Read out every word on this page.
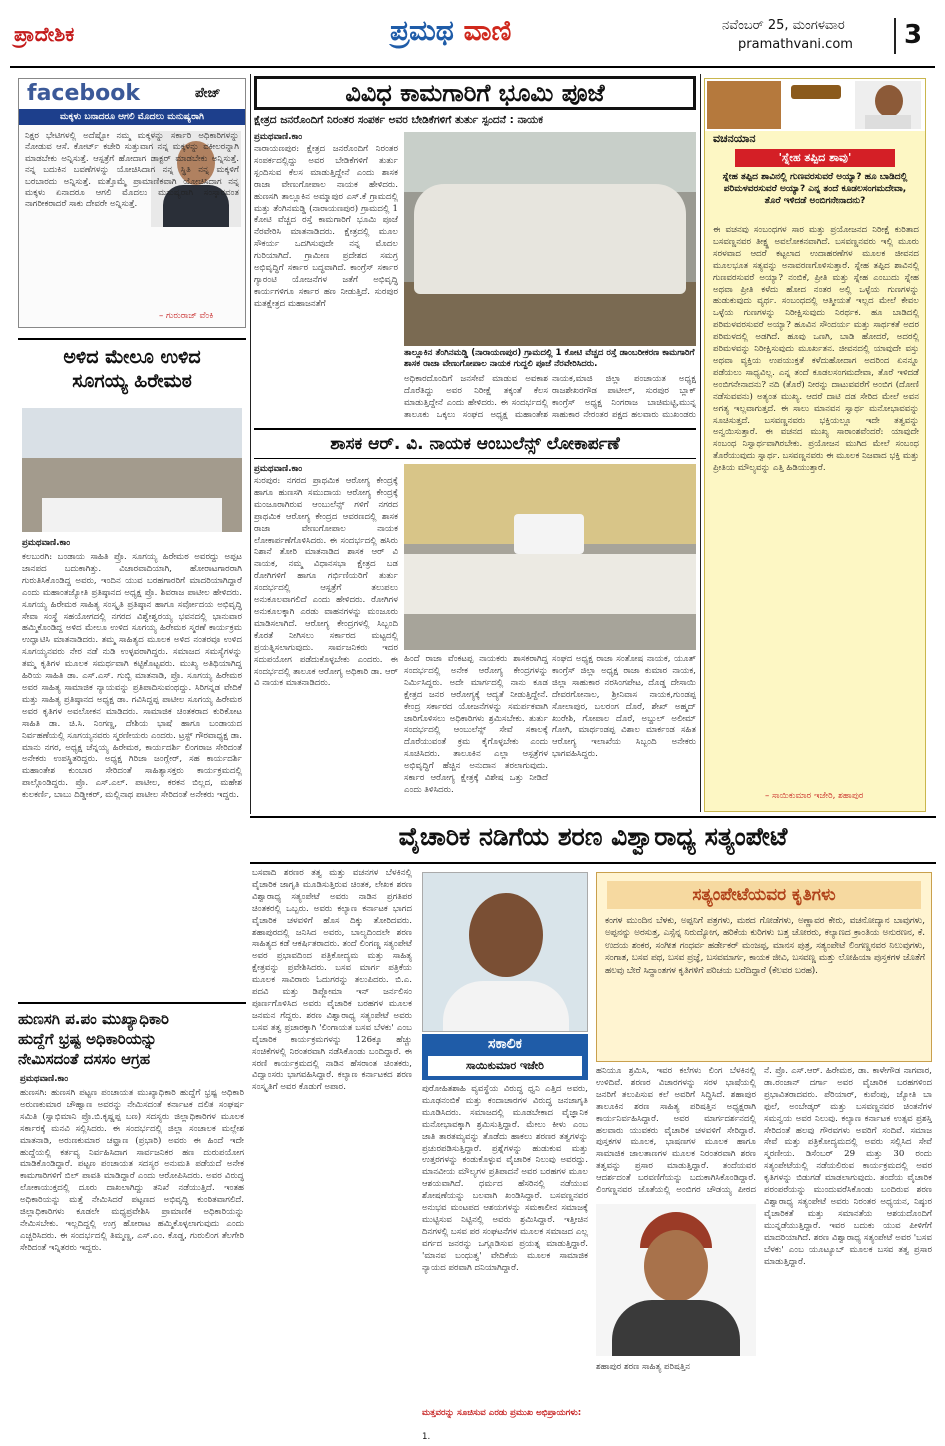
ಪ್ರಾದೇಶಿಕ	ಪ್ರಮಥ ವಾಣಿ	ನವೆಂಬರ್ 25, ಮಂಗಳವಾರ
pramathvani.com 3
facebook	ಪೇಜ್
ಮಕ್ಕಳು ಬನಾದರೂ ಆಗಲಿ ಮೊದಲು ಮನುಷ್ಯರಾಗಿ
ನಿಕ್ಷರ ಭೇಟಿಗಳಲ್ಲಿ ಅದೆಷ್ಟೋ ನಮ್ಮ ಮಕ್ಕಳನ್ನು ಸರ್ಕಾರಿ ಅಧಿಕಾರಿಗಳನ್ನು ನೋಡುವ ಆಸೆ. ಕೋರ್ಟ್ ಕಚೇರಿ ಸುತ್ತುವಾಗ ನನ್ನ ಮಕ್ಕಳನ್ನು ವಕೀಲರನ್ನಾಗಿ ಮಾಡಬೇಕು ಅನ್ನಿಸುತ್ತೆ. ಆಸ್ಪತ್ರೆಗೆ ಹೋದಾಗ ಡಾಕ್ಟರ್ ಮಾಡಬೇಕು ಅನ್ನಿಸುತ್ತೆ. ನನ್ನ ಬದುಕಿನ ಬವಣೆಗಳನ್ನು ಯೋಚಿಸಿದಾಗ ನನ್ನ ಸ್ಥಿತಿ ನನ್ನ ಮಕ್ಕಳಿಗೆ ಬರಬಾರದು ಅನ್ನಿಸುತ್ತೆ. ಮತ್ತೊಮ್ಮೆ ಪ್ರಾಮಾಣಿಕವಾಗಿ ಯೋಚಿಸಿದಾಗ ನನ್ನ ಮಕ್ಕಳು ಏನಾದರೂ ಆಗಲಿ ಮೊದಲು ಮನುಷ್ಯರಾಗಿ ಸಂಸ್ಕಾರವಂತ ನಾಗರೀಕರಾದರೆ ಸಾಕು ದೇವರೇ ಅನ್ನಿಸುತ್ತೆ.
– ಗುರುರಾಜ್ ವೆಂಕಿ
ವಿವಿಧ ಕಾಮಗಾರಿಗೆ ಭೂಮಿ ಪೂಜೆ
ಕ್ಷೇತ್ರದ ಜನರೊಂದಿಗೆ ನಿರಂತರ ಸಂಪರ್ಕ ಅವರ ಬೇಡಿಕೆಗಳಿಗೆ ತುರ್ತು ಸ್ಪಂದನೆ : ನಾಯಕ
ಪ್ರಮಥವಾಣಿ.ಕಾಂ
ನಾರಾಯಣಪುರ: ಕ್ಷೇತ್ರದ ಜನರೊಂದಿಗೆ ನಿರಂತರ ಸಂಪರ್ಕದಲ್ಲಿದ್ದು ಅವರ ಬೇಡಿಕೆಗಳಿಗೆ ತುರ್ತು ಸ್ಪಂದಿಸುವ ಕೆಲಸ ಮಾಡುತ್ತಿದ್ದೇನೆ ಎಂದು ಶಾಸಕ ರಾಜಾ ವೇಣುಗೋಪಾಲ ನಾಯಕ ಹೇಳಿದರು. ಹುಣಸಗಿ ತಾಲ್ಲೂಕಿನ ಅಮ್ಮಾಪುರ ಎಸ್.ಕೆ ಗ್ರಾಮದಲ್ಲಿ ಮತ್ತು ತೆಂಗಿನಮಡ್ಡಿ (ನಾರಾಯಣಪುರ) ಗ್ರಾಮದಲ್ಲಿ 1 ಕೋಟಿ ವೆಚ್ಚದ ರಸ್ತೆ ಕಾಮಗಾರಿಗೆ ಭೂಮಿ ಪೂಜೆ ನೆರವೇರಿಸಿ ಮಾತನಾಡಿದರು. ಕ್ಷೇತ್ರದಲ್ಲಿ ಮೂಲ ಸೌಕರ್ಯ ಒದಗಿಸುವುದೇ ನನ್ನ ಮೊದಲ ಗುರಿಯಾಗಿದೆ. ಗ್ರಾಮೀಣ ಪ್ರದೇಶದ ಸಮಗ್ರ ಅಭಿವೃದ್ಧಿಗೆ ಸರ್ಕಾರ ಬದ್ಧವಾಗಿದೆ. ಕಾಂಗ್ರೆಸ್ ಸರ್ಕಾರ ಗ್ಯಾರಂಟಿ ಯೋಜನೆಗಳ ಜತೆಗೆ ಅಭಿವೃದ್ಧಿ ಕಾರ್ಯಗಳಿಗೂ ಸರ್ಕಾರ ಹಣ ನೀಡುತ್ತಿದೆ. ಸುರಪುರ ಮತಕ್ಷೇತ್ರದ ಮಹಾಜನತೆಗೆ
ತಾಲ್ಲೂಕಿನ ತೆಂಗಿನಮಡ್ಡಿ (ನಾರಾಯಣಪುರ) ಗ್ರಾಮದಲ್ಲಿ 1 ಕೋಟಿ ವೆಚ್ಚದ ರಸ್ತೆ ಡಾಂಬರೀಕರಣ ಕಾಮಗಾರಿಗೆ ಶಾಸಕ ರಾಜಾ ವೇಣುಗೋಪಾಲ ನಾಯಕ ಗುದ್ದಲಿ ಪೂಜೆ ನೆರವೇರಿಸಿದರು.
ಅಧಿಕಾರದೊಂದಿಗೆ ಜನಸೇವೆ ಮಾಡುವ ಅವಕಾಶ ದೊರೆತಿದ್ದು ಅವರ ನಿರೀಕ್ಷೆ ತಕ್ಕಂತೆ ಕೆಲಸ ಮಾಡುತ್ತಿದ್ದೇನೆ ಎಂದು ಹೇಳಿದರು. ಈ ಸಂದರ್ಭದಲ್ಲಿ ತಾಲೂಕು ಒಕ್ಕಲು ಸಂಘದ ಅಧ್ಯಕ್ಷ ಮಹಾಂತೇಶ
ನಾಯಕ,ಮಾಜಿ ಜಿಲ್ಲಾ ಪಂಚಾಯತ ಅಧ್ಯಕ್ಷ ರಾಜಶೇಖರಗೌಡ ಪಾಟೀಲ್, ಸುರಪುರ ಬ್ಲಾಕ್ ಕಾಂಗ್ರೆಸ್ ಅಧ್ಯಕ್ಷ ನಿಂಗರಾಜ ಬಾಚಿಮಟ್ಟಿ,ಮುನ್ನ ಸಾಹುಕಾರ ನೇರಂತರ ಪಕ್ಷದ ಹಲವಾರು ಮುಖಂಡರು
ವಚನಯಾನ
'ಸ್ನೇಹ ತಪ್ಪಿದ ಶಾವು'
ಸ್ನೇಹ ತಪ್ಪಿದ ಶಾವಿನಲ್ಲಿ ಗುಣವರಸುವರೆ ಅಯ್ಯಾ? ಹೂ ಬಾಡಿದಲ್ಲಿ ಪರಿಮಳವರಸುವರೆ ಅಯ್ಯಾ? ಎನ್ನ ತಂದೆ ಕೂಡಲಸಂಗಮದೇವಾ, ತೊರೆ ಇಳಿದಡೆ ಅಂಬಿಗನೇನಾದನು?
ಈ ವಚನವು ಸಂಬಂಧಗಳ ಸಾರ ಮತ್ತು ಪ್ರಯೋಜನದ ನಿರೀಕ್ಷೆ ಕುರಿತಾದ ಬಸವಣ್ಣನವರ ತೀಕ್ಷ್ಣ ಅವಲೋಕನವಾಗಿದೆ. ಬಸವಣ್ಣನವರು ಇಲ್ಲಿ ಮೂರು ಸರಳವಾದ ಆದರೆ ಕಟ್ಟಲಾದ ಉದಾಹರಣೆಗಳ ಮೂಲಕ ಜೀವನದ ಮೂಲಭೂತ ಸತ್ಯವನ್ನು ಅನಾವರಣಗೊಳಿಸುತ್ತಾರೆ. ಸ್ನೇಹ ತಪ್ಪಿದ ಶಾವಿನಲ್ಲಿ ಗುಣವರಸುವರೆ ಅಯ್ಯಾ? ನಂಬಿಕೆ, ಪ್ರೀತಿ ಮತ್ತು ಸ್ನೇಹ ಎಂಬುದು ಸ್ನೇಹ ಅಥವಾ ಪ್ರೀತಿ ಕಳೆದು ಹೋದ ನಂತರ ಅಲ್ಲಿ ಒಳ್ಳೆಯ ಗುಣಗಳನ್ನು ಹುಡುಕುವುದು ವ್ಯರ್ಥ. ಸಂಬಂಧದಲ್ಲಿ ಆತ್ಮೀಯತೆ ಇಲ್ಲದ ಮೇಲೆ ಕೇವಲ ಒಳ್ಳೆಯ ಗುಣಗಳನ್ನು ನಿರೀಕ್ಷಿಸುವುದು ನಿರರ್ಥಕ. ಹೂ ಬಾಡಿದಲ್ಲಿ ಪರಿಮಳವರಸುವರೆ ಅಯ್ಯಾ? ಹೂವಿನ ಸೌಂದರ್ಯ ಮತ್ತು ಸಾರ್ಥಕತೆ ಅದರ ಪರಿಮಳದಲ್ಲಿ ಅಡಗಿದೆ. ಹೂವು ಒಣಗಿ, ಬಾಡಿ ಹೋದರೆ, ಅದರಲ್ಲಿ ಪರಿಮಳವನ್ನು ನಿರೀಕ್ಷಿಸುವುದು ಮೂರ್ಖತನ. ಜೀವನದಲ್ಲಿ ಯಾವುದೇ ವಸ್ತು ಅಥವಾ ವ್ಯಕ್ತಿಯ ಉಪಯುಕ್ತತೆ ಕಳೆದುಹೋದಾಗ ಅದರಿಂದ ಏನನ್ನೂ ಪಡೆಯಲು ಸಾಧ್ಯವಿಲ್ಲ. ಎನ್ನ ತಂದೆ ಕೂಡಲಸಂಗಮದೇವಾ, ತೊರೆ ಇಳಿದಡೆ ಅಂಬಿಗನೇನಾದನು? ನದಿ (ತೊರೆ) ನೀರನ್ನು ದಾಟುವವರೆಗೆ ಅಂಬಿಗ (ದೋಣಿ ನಡೆಸುವವನು) ಅತ್ಯಂತ ಮುಖ್ಯ. ಆದರೆ ದಾಟಿ ದಡ ಸೇರಿದ ಮೇಲೆ ಅವನ ಅಗತ್ಯ ಇಲ್ಲವಾಗುತ್ತದೆ. ಈ ಸಾಲು ಮಾನವನ ಸ್ವಾರ್ಥ ಮನೋಭಾವವನ್ನು ಸೂಚಿಸುತ್ತದೆ. ಬಸವಣ್ಣನವರು ಭಕ್ತಿಯಲ್ಲೂ ಇದೇ ತತ್ವವನ್ನು ಅನ್ವಯಿಸುತ್ತಾರೆ. ಈ ವಚನದ ಮುಖ್ಯ ಸಾರಾಂಶವೆಂದರೆ: ಯಾವುದೇ ಸಂಬಂಧ ನಿಸ್ವಾರ್ಥವಾಗಿರಬೇಕು. ಪ್ರಯೋಜನ ಮುಗಿದ ಮೇಲೆ ಸಂಬಂಧ ತೊರೆಯುವುದು ಸ್ವಾರ್ಥ. ಬಸವಣ್ಣನವರು ಈ ಮೂಲಕ ನಿಜವಾದ ಭಕ್ತಿ ಮತ್ತು ಪ್ರೀತಿಯ ಮೌಲ್ಯವನ್ನು ಎತ್ತಿ ಹಿಡಿಯುತ್ತಾರೆ.
– ಸಾಯಿಕುಮಾರ ಇಜೇರಿ, ಶಹಾಪುರ
ಅಳಿದ ಮೇಲೂ ಉಳಿದ
ಸೂಗಯ್ಯ ಹಿರೇಮಠ
ಪ್ರಮಥವಾಣಿ.ಕಾಂ
ಕಲಬುರಗಿ: ಬಂಡಾಯ ಸಾಹಿತಿ ಪ್ರೊ. ಸೂಗಯ್ಯ ಹಿರೇಮಠ ಅವರದ್ದು ಅಪ್ಪಟ ಜಾನಪದ ಬದುಕಾಗಿತ್ತು. ವಿಚಾರವಾದಿಯಾಗಿ, ಹೋರಾಟಗಾರರಾಗಿ ಗುರುತಿಸಿಕೊಂಡಿದ್ದ ಅವರು, ಇಂದಿನ ಯುವ ಬರಹಗಾರರಿಗೆ ಮಾದರಿಯಾಗಿದ್ದಾರೆ ಎಂದು ಮಹಾಂತಜ್ಯೋತಿ ಪ್ರತಿಷ್ಠಾನದ ಅಧ್ಯಕ್ಷ ಪ್ರೊ. ಶಿವರಾಜ ಪಾಟೀಲ ಹೇಳಿದರು. ಸೂಗಯ್ಯ ಹಿರೇಮಠ ಸಾಹಿತ್ಯ ಸಂಸ್ಕೃತಿ ಪ್ರತಿಷ್ಠಾನ ಹಾಗೂ ಸರ್ವೋದಯ ಅಭಿವೃದ್ಧಿ ಸೇವಾ ಸಂಸ್ಥೆ ಸಹಯೋಗದಲ್ಲಿ ನಗರದ ವಿಶ್ವೇಶ್ವರಯ್ಯ ಭವನದಲ್ಲಿ ಭಾನುವಾರ ಹಮ್ಮಿಕೊಂಡಿದ್ದ ಅಳಿದ ಮೇಲೂ ಉಳಿದ ಸೂಗಯ್ಯ ಹಿರೇಮಠ ಸ್ಮರಣೆ ಕಾರ್ಯಕ್ರಮ ಉದ್ಘಾಟಿಸಿ ಮಾತನಾಡಿದರು. ತಮ್ಮ ಸಾಹಿತ್ಯದ ಮೂಲಕ ಅಳಿದ ನಂತರವೂ ಉಳಿದ ಸೂಗಯ್ಯನವರು ನೇರ ನಡೆ ನುಡಿ ಉಳ್ಳವರಾಗಿದ್ದರು. ಸಮಾಜದ ಸಮಸ್ಯೆಗಳನ್ನು ತಮ್ಮ ಕೃತಿಗಳ ಮೂಲಕ ಸಮರ್ಥವಾಗಿ ಕಟ್ಟಿಕೊಟ್ಟವರು. ಮುಖ್ಯ ಅತಿಥಿಯಾಗಿದ್ದ ಹಿರಿಯ ಸಾಹಿತಿ ಡಾ. ಎಸ್.ಎಸ್. ಗುಬ್ಬಿ ಮಾತನಾಡಿ, ಪ್ರೊ. ಸೂಗಯ್ಯ ಹಿರೇಮಠ ಅವರ ಸಾಹಿತ್ಯ ಸಾಮಾಜಿಕ ನ್ಯಾಯವನ್ನು ಪ್ರತಿಪಾದಿಸುವಂಥದ್ದು. ಸಿರಿಗನ್ನಡ ವೇದಿಕೆ ಮತ್ತು ಸಾಹಿತ್ಯ ಪ್ರತಿಷ್ಠಾನದ ಅಧ್ಯಕ್ಷ ಡಾ. ಗವಿಸಿದ್ದಪ್ಪ ಪಾಟೀಲ ಸೂಗಯ್ಯ ಹಿರೇಮಠ ಅವರ ಕೃತಿಗಳ ಅವಲೋಕನ ಮಾಡಿದರು. ಸಾಮಾಜಿಕ ಚಿಂತಕರಾದ ಕುರಿಕೋಟ ಸಾಹಿತಿ ಡಾ. ಚಿ.ಸಿ. ನಿಂಗಣ್ಣ, ದೇಶಿಯ ಭಾಷೆ ಹಾಗೂ ಬಂಡಾಯದ ನಿರ್ವಹಣೆಯಲ್ಲಿ ಸೂಗಯ್ಯನವರು ಸ್ಮರಣೀಯರು ಎಂದರು. ಟ್ರಸ್ಟ್ ಗೌರವಾಧ್ಯಕ್ಷ ಡಾ. ಮಾನು ನಗರ, ಅಧ್ಯಕ್ಷ ಚೆನ್ನಯ್ಯ ಹಿರೇಮಠ, ಕಾರ್ಯದರ್ಶಿ ಲಿಂಗರಾಜ ಸೇರಿದಂತೆ ಅನೇಕರು ಉಪಸ್ಥಿತರಿದ್ದರು. ಅಧ್ಯಕ್ಷ ಗಿರಿಜಾ ಜಂಗ್ಲೇರ್, ಸಹ ಕಾರ್ಯದರ್ಶಿ ಮಹಾಂತೇಶ ಕುಂಬಾರ ಸೇರಿದಂತೆ ಸಾಹಿತ್ಯಾಸಕ್ತರು ಕಾರ್ಯಕ್ರಮದಲ್ಲಿ ಪಾಲ್ಗೊಂಡಿದ್ದರು. ಪ್ರೊ. ಎಸ್.ಎಲ್. ಪಾಟೀಲ, ಕರಕನ ಬಿಲ್ಲದ, ಮಹೇಶ ಕುಲಕರ್ಣಿ, ಬಾಬು ದಿಡ್ಡೀಕರ್, ಮಲ್ಲಿನಾಥ ಪಾಟೀಲ ಸೇರಿದಂತೆ ಅನೇಕರು ಇದ್ದರು.
ಶಾಸಕ ಆರ್. ವಿ. ನಾಯಕ ಆಂಬುಲೆನ್ಸ್ ಲೋಕಾರ್ಪಣೆ
ಪ್ರಮಥವಾಣಿ.ಕಾಂ
ಸುರಪುರ: ನಗರದ ಪ್ರಾಥಮಿಕ ಆರೋಗ್ಯ ಕೇಂದ್ರಕ್ಕೆ ಹಾಗೂ ಹುಣಸಗಿ ಸಮುದಾಯ ಆರೋಗ್ಯ ಕೇಂದ್ರಕ್ಕೆ ಮಂಜೂರಾಗಿರುವ ಆಂಬುಲೆನ್ಸ್ ಗಳಿಗೆ ನಗರದ ಪ್ರಾಥಮಿಕ ಆರೋಗ್ಯ ಕೇಂದ್ರದ ಆವರಣದಲ್ಲಿ ಶಾಸಕ ರಾಜಾ ವೇಣುಗೋಪಾಲ ನಾಯಕ ಲೋಕಾರ್ಪಣೆಗೊಳಿಸಿದರು. ಈ ಸಂದರ್ಭದಲ್ಲಿ ಹಸಿರು ನಿಶಾನೆ ತೋರಿ ಮಾತನಾಡಿದ ಶಾಸಕ ಆರ್ ವಿ ನಾಯಕ, ನಮ್ಮ ವಿಧಾನಸಭಾ ಕ್ಷೇತ್ರದ ಬಡ ರೋಗಿಗಳಿಗೆ ಹಾಗೂ ಗರ್ಭಿಣಿಯರಿಗೆ ತುರ್ತು ಸಂದರ್ಭದಲ್ಲಿ ಆಸ್ಪತ್ರೆಗೆ ತಲುಪಲು ಅನುಕೂಲವಾಗಲಿದೆ ಎಂದು ಹೇಳಿದರು. ರೋಗಿಗಳ ಅನುಕೂಲಕ್ಕಾಗಿ ಎರಡು ವಾಹನಗಳನ್ನು ಮಂಜೂರು ಮಾಡಿಸಲಾಗಿದೆ. ಆರೋಗ್ಯ ಕೇಂದ್ರಗಳಲ್ಲಿ ಸಿಬ್ಬಂದಿ ಕೊರತೆ ನೀಗಿಸಲು ಸರ್ಕಾರದ ಮಟ್ಟದಲ್ಲಿ ಪ್ರಯತ್ನಿಸಲಾಗುವುದು. ಸಾರ್ವಜನಿಕರು ಇದರ ಸದುಪಯೋಗ ಪಡೆದುಕೊಳ್ಳಬೇಕು ಎಂದರು. ಈ ಸಂದರ್ಭದಲ್ಲಿ ತಾಲೂಕ ಆರೋಗ್ಯ ಅಧಿಕಾರಿ ಡಾ. ಆರ್ ವಿ ನಾಯಕ ಮಾತನಾಡಿದರು.
ಹಿಂದೆ ರಾಜಾ ವೆಂಕಟಪ್ಪ ನಾಯಕರು ಶಾಸಕರಾಗಿದ್ದ ಸಂದರ್ಭದಲ್ಲಿ ಅನೇಕ ಆರೋಗ್ಯ ಕೇಂದ್ರಗಳನ್ನು ನಿರ್ಮಿಸಿದ್ದರು. ಅದೇ ಮಾರ್ಗದಲ್ಲಿ ನಾನು ಕೂಡ ಕ್ಷೇತ್ರದ ಜನರ ಆರೋಗ್ಯಕ್ಕೆ ಆದ್ಯತೆ ನೀಡುತ್ತಿದ್ದೇನೆ. ಕೇಂದ್ರ ಸರ್ಕಾರದ ಯೋಜನೆಗಳನ್ನು ಸಮರ್ಪಕವಾಗಿ ಜಾರಿಗೊಳಿಸಲು ಅಧಿಕಾರಿಗಳು ಶ್ರಮಿಸಬೇಕು. ತುರ್ತು ಸಂದರ್ಭದಲ್ಲಿ ಆಂಬುಲೆನ್ಸ್ ಸೇವೆ ಸಕಾಲಕ್ಕೆ ದೊರೆಯುವಂತೆ ಕ್ರಮ ಕೈಗೊಳ್ಳಬೇಕು ಎಂದು ಸೂಚಿಸಿದರು. ತಾಲೂಕಿನ ಎಲ್ಲಾ ಆಸ್ಪತ್ರೆಗಳ ಅಭಿವೃದ್ಧಿಗೆ ಹೆಚ್ಚಿನ ಅನುದಾನ ತರಲಾಗುವುದು. ಸರ್ಕಾರ ಆರೋಗ್ಯ ಕ್ಷೇತ್ರಕ್ಕೆ ವಿಶೇಷ ಒತ್ತು ನೀಡಿದೆ ಎಂದು ತಿಳಿಸಿದರು.
ಸಂಘದ ಅಧ್ಯಕ್ಷ ರಾಜಾ ಸಂತೋಷ ನಾಯಕ, ಯೂತ್ ಕಾಂಗ್ರೆಸ್ ಜಿಲ್ಲಾ ಅಧ್ಯಕ್ಷ ರಾಜಾ ಕುಮಾರ ನಾಯಕ, ಜಿಲ್ಲಾ ಸಾಹುಕಾರ ನರಸಿಂಗಪೇಟ, ದೊಡ್ಡ ದೇಸಾಯಿ ದೇವರಗೋನಾಲ, ಶ್ರೀನಿವಾಸ ನಾಯಕ,ಗುಂಡಪ್ಪ ಸೋಲಾಪುರ, ಬಲರಂಗ ದೊರೆ, ಶೇಖ್ ಅಹ್ಮದ್ ಖುರೇಶಿ, ಗೋಪಾಲ ದೊರೆ, ಅಬ್ದುಲ್ ಅಲೀಮ್ ಗೋಗಿ, ಮಾರ್ಥಂಡಪ್ಪ ವಿಶಾಲ ಮಾರ್ಕಂಡ ಸಹಿತ ಆರೋಗ್ಯ ಇಲಾಖೆಯ ಸಿಬ್ಬಂದಿ ಅನೇಕರು ಭಾಗವಹಿಸಿದ್ದರು.
ವೈಚಾರಿಕ ನಡಿಗೆಯ ಶರಣ ವಿಶ್ವಾರಾಧ್ಯ ಸತ್ಯಂಪೇಟೆ
ಬಸವಾದಿ ಶರಣರ ತತ್ವ ಮತ್ತು ವಚನಗಳ ಬೆಳಕಿನಲ್ಲಿ ವೈಚಾರಿಕ ಜಾಗೃತಿ ಮೂಡಿಸುತ್ತಿರುವ ಚಿಂತಕ, ಲೇಖಕ ಶರಣ ವಿಶ್ವಾರಾಧ್ಯ ಸತ್ಯಂಪೇಟೆ ಅವರು ನಾಡಿನ ಪ್ರಗತಿಪರ ಚಿಂತಕರಲ್ಲಿ ಒಬ್ಬರು. ಅವರು ಕಲ್ಯಾಣ ಕರ್ನಾಟಕ ಭಾಗದ ವೈಚಾರಿಕ ಚಳವಳಿಗೆ ಹೊಸ ದಿಕ್ಕು ತೋರಿದವರು. ಶಹಾಪುರದಲ್ಲಿ ಜನಿಸಿದ ಅವರು, ಬಾಲ್ಯದಿಂದಲೇ ಶರಣ ಸಾಹಿತ್ಯದ ಕಡೆ ಆಕರ್ಷಿತರಾದರು. ತಂದೆ ಲಿಂಗಣ್ಣ ಸತ್ಯಂಪೇಟೆ ಅವರ ಪ್ರಭಾವದಿಂದ ಪತ್ರಿಕೋದ್ಯಮ ಮತ್ತು ಸಾಹಿತ್ಯ ಕ್ಷೇತ್ರವನ್ನು ಪ್ರವೇಶಿಸಿದರು. ಬಸವ ಮಾರ್ಗ ಪತ್ರಿಕೆಯ ಮೂಲಕ ಸಾವಿರಾರು ಓದುಗರನ್ನು ತಲುಪಿದರು. ಬಿ.ಎ. ಪದವಿ ಮತ್ತು ಡಿಪ್ಲೋಮಾ ಇನ್ ಜರ್ನಲಿಸಂ ಪೂರ್ಣಗೊಳಿಸಿದ ಅವರು ವೈಚಾರಿಕ ಬರಹಗಳ ಮೂಲಕ ಜನಮನ ಗೆದ್ದರು. ಶರಣ ವಿಶ್ವಾರಾಧ್ಯ ಸತ್ಯಂಪೇಟೆ ಅವರು ಬಸವ ತತ್ವ ಪ್ರಚಾರಕ್ಕಾಗಿ 'ಲಿಂಗಾಯತ ಬಸವ ಬೆಳಕು' ಎಂಬ ವೈಚಾರಿಕ ಕಾರ್ಯಕ್ರಮಗಳನ್ನು 126ಕ್ಕೂ ಹೆಚ್ಚು ಸಂಚಿಕೆಗಳಲ್ಲಿ ನಿರಂತರವಾಗಿ ನಡೆಸಿಕೊಂಡು ಬಂದಿದ್ದಾರೆ. ಈ ಸರಣಿ ಕಾರ್ಯಕ್ರಮದಲ್ಲಿ ನಾಡಿನ ಹೆಸರಾಂತ ಚಿಂತಕರು, ವಿದ್ವಾಂಸರು ಭಾಗವಹಿಸಿದ್ದಾರೆ. ಕಲ್ಯಾಣ ಕರ್ನಾಟಕದ ಶರಣ ಸಂಸ್ಕೃತಿಗೆ ಅವರ ಕೊಡುಗೆ ಅಪಾರ.
ಸಕಾಲಿಕ
ಸಾಯಿಕುಮಾರ ಇಜೇರಿ
ಪುರೋಹಿತಶಾಹಿ ವ್ಯವಸ್ಥೆಯ ವಿರುದ್ಧ ಧ್ವನಿ ಎತ್ತಿದ ಅವರು, ಮೂಢನಂಬಿಕೆ ಮತ್ತು ಕಂದಾಚಾರಗಳ ವಿರುದ್ಧ ಜನಜಾಗೃತಿ ಮೂಡಿಸಿದರು. ಸಮಾಜದಲ್ಲಿ ಮೂಡಬೇಕಾದ ವೈಜ್ಞಾನಿಕ ಮನೋಭಾವಕ್ಕಾಗಿ ಶ್ರಮಿಸುತ್ತಿದ್ದಾರೆ. ಮೇಲು ಕೀಳು ಎಂಬ ಜಾತಿ ತಾರತಮ್ಯವನ್ನು ತೊಡೆದು ಹಾಕಲು ಶರಣರ ತತ್ವಗಳನ್ನು ಪ್ರಚುರಪಡಿಸುತ್ತಿದ್ದಾರೆ. ಪ್ರಶ್ನೆಗಳನ್ನು ಹುಡುಕುವ ಮತ್ತು ಉತ್ತರಗಳನ್ನು ಕಂಡುಕೊಳ್ಳುವ ವೈಚಾರಿಕ ನಿಲುವು ಅವರದ್ದು. ಮಾನವೀಯ ಮೌಲ್ಯಗಳ ಪ್ರತಿಪಾದನೆ ಅವರ ಬರಹಗಳ ಮೂಲ ಆಶಯವಾಗಿದೆ. ಧರ್ಮದ ಹೆಸರಿನಲ್ಲಿ ನಡೆಯುವ ಶೋಷಣೆಯನ್ನು ಬಲವಾಗಿ ಖಂಡಿಸಿದ್ದಾರೆ. ಬಸವಣ್ಣನವರ ಅನುಭವ ಮಂಟಪದ ಆಶಯಗಳನ್ನು ಸಮಕಾಲೀನ ಸಮಾಜಕ್ಕೆ ಮುಟ್ಟಿಸುವ ನಿಟ್ಟಿನಲ್ಲಿ ಅವರು ಶ್ರಮಿಸಿದ್ದಾರೆ. ಇತ್ತೀಚಿನ ದಿನಗಳಲ್ಲಿ ಬಸವ ಪರ ಸಂಘಟನೆಗಳ ಮೂಲಕ ಸಮಾಜದ ಎಲ್ಲ ವರ್ಗದ ಜನರನ್ನು ಒಗ್ಗೂಡಿಸುವ ಪ್ರಯತ್ನ ಮಾಡುತ್ತಿದ್ದಾರೆ. 'ಮಾನವ ಬಂಧುತ್ವ' ವೇದಿಕೆಯ ಮೂಲಕ ಸಾಮಾಜಿಕ ನ್ಯಾಯದ ಪರವಾಗಿ ದನಿಯಾಗಿದ್ದಾರೆ.
ಮತ್ತವರನ್ನು ಸೂಚಿಸುವ ಎರಡು ಪ್ರಮುಖ ಅಭಿಪ್ರಾಯಗಳು:
1.
ಸತ್ಯಂಪೇಟೆಯವರ ಕೃತಿಗಳು
ಕಂಗಳ ಮುಂದಿನ ಬೆಳಕು, ಅಪ್ಪನಿಗೆ ಪತ್ರಗಳು, ಮಠದ ಗೋಡೆಗಳು, ಅಣ್ಣಾವರ ಕೇರು, ವಚನೋದ್ಯಾನ ಬಾವುಗಳು, ಅಪ್ಪನನ್ನು ಅರಸುತ್ತ, ಎಸ್ಸೆನ್ನ ನಿರುದ್ಯೋಗ, ಹರಿಕೆಯ ಕುರಿಗಳು ಬತ್ತ ಚೋರರು, ಕಲ್ಯಾಣದ ಕ್ರಾಂತಿಯ ಅನುರಣನ, ಕೆ. ಉದಯ ಶಂಕರ, ಸಂಗೀತ ಗಂಧರ್ವ ಹರ್ಡೇಕರ್ ಮಂಜಪ್ಪ, ಮಾನಸ ಪುತ್ರ, ಸತ್ಯಂಪೇಟೆ ಲಿಂಗಣ್ಣನವರ ನಿಲುವುಗಳು, ಸಂಗಾತ, ಬಸವ ಪಥ, ಬಸವ ಪ್ರಜ್ಞೆ, ಬಸವಮಾರ್ಗ, ಕಾಯಕ ಜೀವಿ, ಬಸವಣ್ಣ ಮತ್ತು ಲೋಹಿಯಾ ಪುಸ್ತಕಗಳ ಜೊತೆಗೆ ಹಲವು ಬೇರೆ ಸಿದ್ಧಾಂತಗಳ ಕೃತಿಗಳಿಗೆ ಪರಿಚಯ ಬರೆದಿದ್ದಾರೆ (ಕೆಲವರ ಬರಹ).
ಹನಿಯೂ ಶ್ರಮಿಸಿ, ಇವರ ಕಲೆಗಳು ಲಿಂಗ ಬೆಳಕಿನಲ್ಲಿ ಉಳಿದಿವೆ. ಶರಣರ ವಿಚಾರಗಳನ್ನು ಸರಳ ಭಾಷೆಯಲ್ಲಿ ಜನರಿಗೆ ತಲುಪಿಸುವ ಕಲೆ ಅವರಿಗೆ ಸಿದ್ಧಿಸಿದೆ. ಶಹಾಪುರ ತಾಲೂಕಿನ ಶರಣ ಸಾಹಿತ್ಯ ಪರಿಷತ್ತಿನ ಅಧ್ಯಕ್ಷರಾಗಿ ಕಾರ್ಯನಿರ್ವಹಿಸಿದ್ದಾರೆ. ಅವರ ಮಾರ್ಗದರ್ಶನದಲ್ಲಿ ಹಲವಾರು ಯುವಕರು ವೈಚಾರಿಕ ಚಳವಳಿಗೆ ಸೇರಿದ್ದಾರೆ. ಪುಸ್ತಕಗಳ ಮೂಲಕ, ಭಾಷಣಗಳ ಮೂಲಕ ಹಾಗೂ ಸಾಮಾಜಿಕ ಜಾಲತಾಣಗಳ ಮೂಲಕ ನಿರಂತರವಾಗಿ ಶರಣ ತತ್ವವನ್ನು ಪ್ರಸಾರ ಮಾಡುತ್ತಿದ್ದಾರೆ. ತಂದೆಯವರ ಆದರ್ಶದಂತೆ ಬರವಣಿಗೆಯನ್ನು ಬದುಕಾಗಿಸಿಕೊಂಡಿದ್ದಾರೆ. ಲಿಂಗಣ್ಣನವರ ಜೊತೆಯಲ್ಲಿ ಅಂಬಿಗರ ಚೌಡಯ್ಯ ಪೀಠದ
ಶಹಾಪುರ ಶರಣ ಸಾಹಿತ್ಯ ಪರಿಷತ್ತಿನ
ನೆ. ಪ್ರೊ. ಎಸ್.ಆರ್. ಹಿರೇಮಠ, ಡಾ. ಕಾಳೇಗೌಡ ನಾಗವಾರ, ಡಾ.ರಂಜಾನ್ ದರ್ಗಾ ಅವರ ವೈಚಾರಿಕ ಬರಹಗಳಿಂದ ಪ್ರಭಾವಿತರಾದವರು. ಪೆರಿಯಾರ್, ಕುವೆಂಪು, ಜ್ಯೋತಿ ಬಾ ಫುಲೆ, ಅಂಬೇಡ್ಕರ್ ಮತ್ತು ಬಸವಣ್ಣನವರ ಚಿಂತನೆಗಳ ಸಮನ್ವಯ ಅವರ ನಿಲುವು. ಕಲ್ಯಾಣ ಕರ್ನಾಟಕ ಉತ್ಸವ ಪ್ರಶಸ್ತಿ ಸೇರಿದಂತೆ ಹಲವು ಗೌರವಗಳು ಅವರಿಗೆ ಸಂದಿವೆ. ಸಮಾಜ ಸೇವೆ ಮತ್ತು ಪತ್ರಿಕೋದ್ಯಮದಲ್ಲಿ ಅವರು ಸಲ್ಲಿಸಿದ ಸೇವೆ ಸ್ಮರಣೀಯ. ಡಿಸೆಂಬರ್ 29 ಮತ್ತು 30 ರಂದು ಸತ್ಯಂಪೇಟೆಯಲ್ಲಿ ನಡೆಯಲಿರುವ ಕಾರ್ಯಕ್ರಮದಲ್ಲಿ ಅವರ ಕೃತಿಗಳನ್ನು ಬಿಡುಗಡೆ ಮಾಡಲಾಗುವುದು. ತಂದೆಯ ವೈಚಾರಿಕ ಪರಂಪರೆಯನ್ನು ಮುಂದುವರೆಸಿಕೊಂಡು ಬಂದಿರುವ ಶರಣ ವಿಶ್ವಾರಾಧ್ಯ ಸತ್ಯಂಪೇಟೆ ಅವರು ನಿರಂತರ ಅಧ್ಯಯನ, ನಿಷ್ಠುರ ವೈಚಾರಿಕತೆ ಮತ್ತು ಸಮಾನತೆಯ ಆಶಯದೊಂದಿಗೆ ಮುನ್ನಡೆಯುತ್ತಿದ್ದಾರೆ. ಇವರ ಬದುಕು ಯುವ ಪೀಳಿಗೆಗೆ ಮಾದರಿಯಾಗಿದೆ. ಶರಣ ವಿಶ್ವಾರಾಧ್ಯ ಸತ್ಯಂಪೇಟೆ ಅವರ 'ಬಸವ ಬೆಳಕು' ಎಂಬ ಯೂಟ್ಯೂಬ್ ಮೂಲಕ ಬಸವ ತತ್ವ ಪ್ರಸಾರ ಮಾಡುತ್ತಿದ್ದಾರೆ.
ಹುಣಸಗಿ ಪ.ಪಂ ಮುಖ್ಯಾಧಿಕಾರಿ
ಹುದ್ದೆಗೆ ಭ್ರಷ್ಟ ಅಧಿಕಾರಿಯನ್ನು
ನೇಮಿಸದಂತೆ ದಸಸಂ ಆಗ್ರಹ
ಪ್ರಮಥವಾಣಿ.ಕಾಂ
ಹುಣಸಗಿ: ಹುಣಸಗಿ ಪಟ್ಟಣ ಪಂಚಾಯತ ಮುಖ್ಯಾಧಿಕಾರಿ ಹುದ್ದೆಗೆ ಭ್ರಷ್ಟ ಅಧಿಕಾರಿ ಅರುಣಕುಮಾರ ಚೌಹ್ವಾಣ ಅವರನ್ನು ನೇಮಿಸದಂತೆ ಕರ್ನಾಟಕ ದಲಿತ ಸಂಘರ್ಷ ಸಮಿತಿ (ಸ್ವಾಭಿಮಾನಿ ಪ್ರೊ.ಬಿ.ಕೃಷ್ಣಪ್ಪ ಬಣ) ಸದಸ್ಯರು ಜಿಲ್ಲಾಧಿಕಾರಿಗಳ ಮೂಲಕ ಸರ್ಕಾರಕ್ಕೆ ಮನವಿ ಸಲ್ಲಿಸಿದರು. ಈ ಸಂದರ್ಭದಲ್ಲಿ ಜಿಲ್ಲಾ ಸಂಚಾಲಕ ಮಲ್ಲೇಶ ಮಾತನಾಡಿ, ಅರುಣಕುಮಾರ ಚವ್ಹಾಣ (ಪ್ರಭಾರಿ) ಅವರು ಈ ಹಿಂದೆ ಇದೇ ಹುದ್ದೆಯಲ್ಲಿ ಕರ್ತವ್ಯ ನಿರ್ವಹಿಸಿದಾಗ ಸಾರ್ವಜನಿಕರ ಹಣ ದುರುಪಯೋಗ ಮಾಡಿಕೊಂಡಿದ್ದಾರೆ. ಪಟ್ಟಣ ಪಂಚಾಯತ ಸದಸ್ಯರ ಅನುಮತಿ ಪಡೆಯದೆ ಅನೇಕ ಕಾಮಗಾರಿಗಳಿಗೆ ಬಿಲ್ ಪಾವತಿ ಮಾಡಿದ್ದಾರೆ ಎಂದು ಆರೋಪಿಸಿದರು. ಅವರ ವಿರುದ್ಧ ಲೋಕಾಯುಕ್ತದಲ್ಲಿ ದೂರು ದಾಖಲಾಗಿದ್ದು ತನಿಖೆ ನಡೆಯುತ್ತಿದೆ. ಇಂತಹ ಅಧಿಕಾರಿಯನ್ನು ಮತ್ತೆ ನೇಮಿಸಿದರೆ ಪಟ್ಟಣದ ಅಭಿವೃದ್ಧಿ ಕುಂಠಿತವಾಗಲಿದೆ. ಜಿಲ್ಲಾಧಿಕಾರಿಗಳು ಕೂಡಲೇ ಮಧ್ಯಪ್ರವೇಶಿಸಿ ಪ್ರಾಮಾಣಿಕ ಅಧಿಕಾರಿಯನ್ನು ನೇಮಿಸಬೇಕು. ಇಲ್ಲದಿದ್ದಲ್ಲಿ ಉಗ್ರ ಹೋರಾಟ ಹಮ್ಮಿಕೊಳ್ಳಲಾಗುವುದು ಎಂದು ಎಚ್ಚರಿಸಿದರು. ಈ ಸಂದರ್ಭದಲ್ಲಿ ತಿಮ್ಮಣ್ಣ, ಎಸ್.ಎಂ. ಕೊಡ್ಡ, ಗುರುಲಿಂಗ ತೆಲಗೇರಿ ಸೇರಿದಂತೆ ಇನ್ನಿತರರು ಇದ್ದರು.
